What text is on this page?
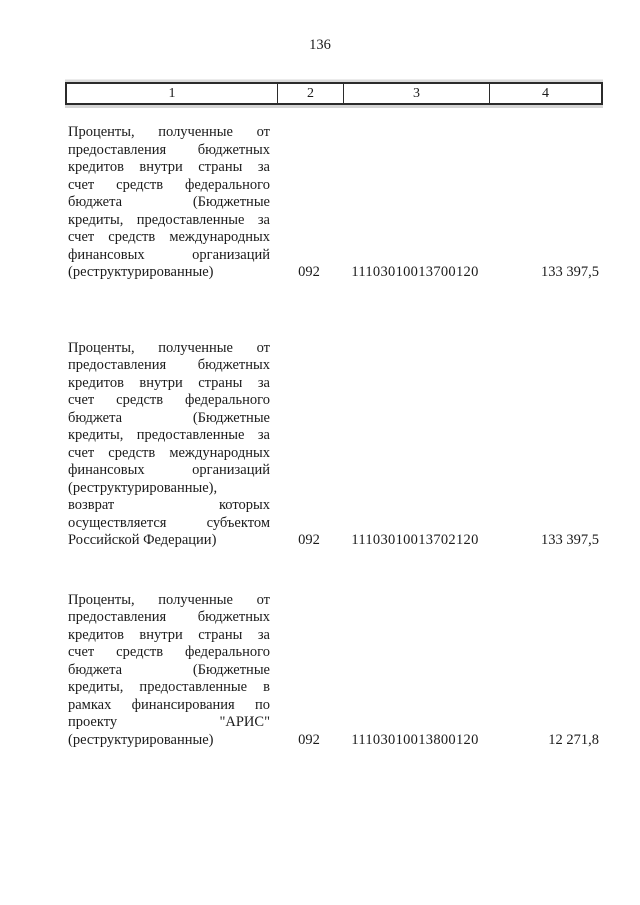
136
1	2	3	4
Проценты, полученные от
предоставления бюджетных
кредитов внутри страны за
счет средств федерального
бюджета (Бюджетные
кредиты, предоставленные за
счет средств международных
финансовых организаций
(реструктурированные)	092	11103010013700120	133 397,5
Проценты, полученные от
предоставления бюджетных
кредитов внутри страны за
счет средств федерального
бюджета (Бюджетные
кредиты, предоставленные за
счет средств международных
финансовых организаций
(реструктурированные),
возврат которых
осуществляется субъектом
Российской Федерации)	092	11103010013702120	133 397,5
Проценты, полученные от
предоставления бюджетных
кредитов внутри страны за
счет средств федерального
бюджета (Бюджетные
кредиты, предоставленные в
рамках финансирования по
проекту "АРИС"
(реструктурированные)	092	11103010013800120	12 271,8
